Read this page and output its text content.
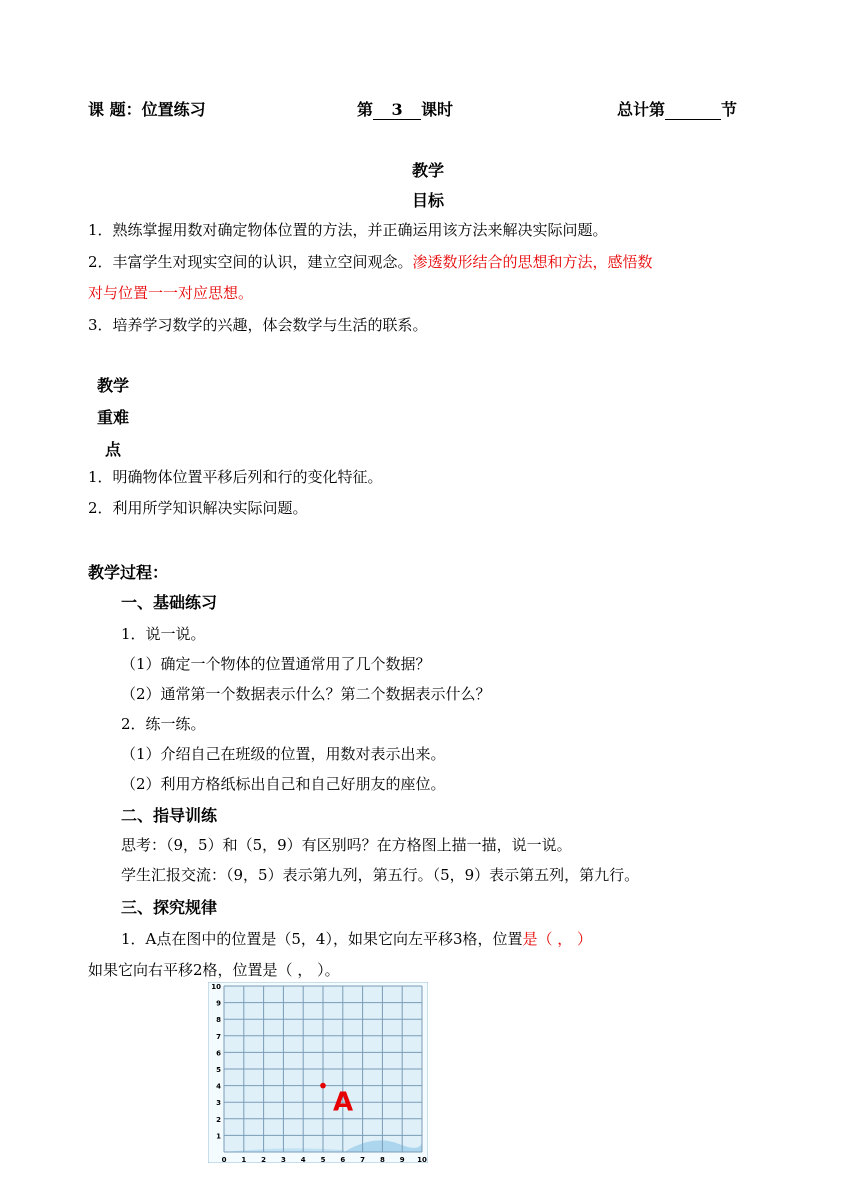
课 题：位置练习	第 3 课时	总计第	节
教学
目标
1．熟练掌握用数对确定物体位置的方法，并正确运用该方法来解决实际问题。
2．丰富学生对现实空间的认识，建立空间观念。渗透数形结合的思想和方法，感悟数
对与位置一一对应思想。
3．培养学习数学的兴趣，体会数学与生活的联系。
教学
重难
点
1．明确物体位置平移后列和行的变化特征。
2．利用所学知识解决实际问题。
教学过程：
一、基础练习
1．说一说。
（1）确定一个物体的位置通常用了几个数据？
（2）通常第一个数据表示什么？第二个数据表示什么？
2．练一练。
（1）介绍自己在班级的位置，用数对表示出来。
（2）利用方格纸标出自己和自己好朋友的座位。
二、指导训练
思考：（9，5）和（5，9）有区别吗？在方格图上描一描，说一说。
学生汇报交流：（9，5）表示第九列，第五行。（5，9）表示第五列，第九行。
三、探究规律
1．A点在图中的位置是（5，4），如果它向左平移3格，位置是（ ， ）
如果它向右平移2格，位置是（ ， ）。
0 1 2 3 4 5 6 7 8 9 10
1
2
3
4
5
6
7
8
9
10
A
